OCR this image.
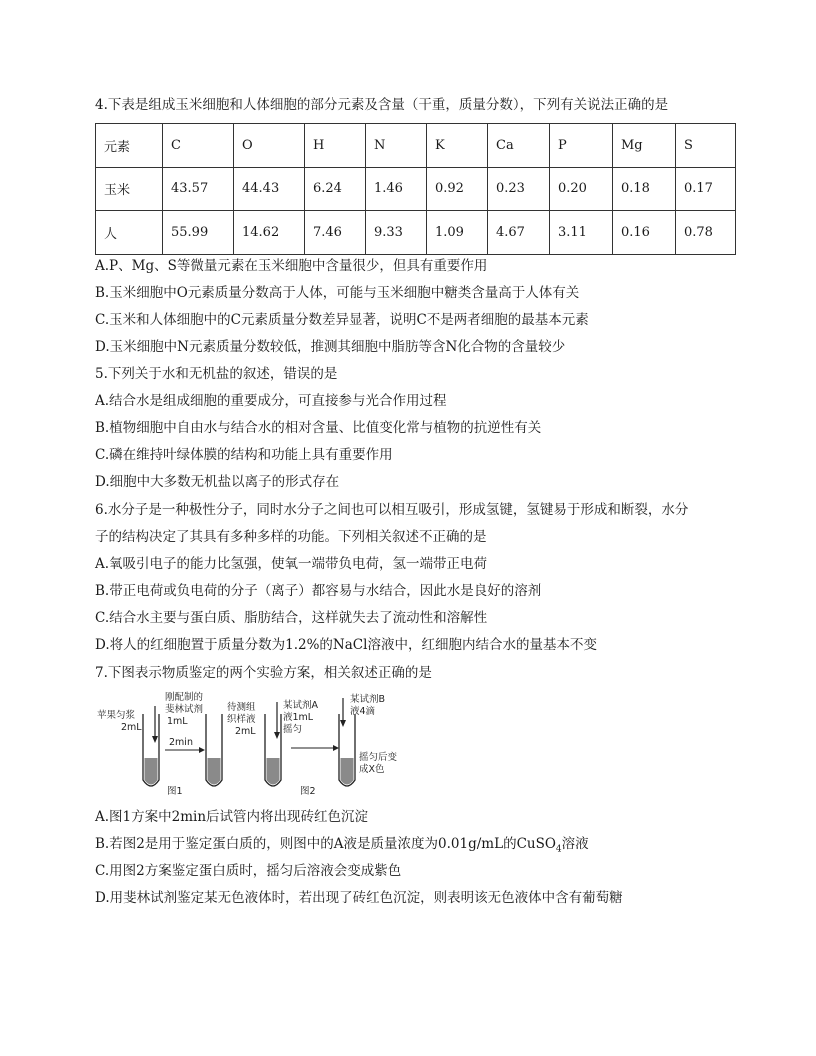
4.下表是组成玉米细胞和人体细胞的部分元素及含量（干重，质量分数），下列有关说法正确的是
元素	C	O	H	N	K	Ca	P	Mg	S
玉米	43.57	44.43	6.24	1.46	0.92	0.23	0.20	0.18	0.17
人	55.99	14.62	7.46	9.33	1.09	4.67	3.11	0.16	0.78
A.P、Mg、S等微量元素在玉米细胞中含量很少，但具有重要作用
B.玉米细胞中O元素质量分数高于人体，可能与玉米细胞中糖类含量高于人体有关
C.玉米和人体细胞中的C元素质量分数差异显著，说明C不是两者细胞的最基本元素
D.玉米细胞中N元素质量分数较低，推测其细胞中脂肪等含N化合物的含量较少
5.下列关于水和无机盐的叙述，错误的是
A.结合水是组成细胞的重要成分，可直接参与光合作用过程
B.植物细胞中自由水与结合水的相对含量、比值变化常与植物的抗逆性有关
C.磷在维持叶绿体膜的结构和功能上具有重要作用
D.细胞中大多数无机盐以离子的形式存在
6.水分子是一种极性分子，同时水分子之间也可以相互吸引，形成氢键，氢键易于形成和断裂，水分
子的结构决定了其具有多种多样的功能。下列相关叙述不正确的是
A.氧吸引电子的能力比氢强，使氧一端带负电荷，氢一端带正电荷
B.带正电荷或负电荷的分子（离子）都容易与水结合，因此水是良好的溶剂
C.结合水主要与蛋白质、脂肪结合，这样就失去了流动性和溶解性
D.将人的红细胞置于质量分数为1.2%的NaCl溶液中，红细胞内结合水的量基本不变
7.下图表示物质鉴定的两个实验方案，相关叙述正确的是
苹果匀浆
2mL
刚配制的
斐林试剂
1mL
2min
图1
待测组
织样液
2mL
某试剂A
液1mL
摇匀
某试剂B
液4滴
摇匀后变
成X色
图2
A.图1方案中2min后试管内将出现砖红色沉淀
B.若图2是用于鉴定蛋白质的，则图中的A液是质量浓度为0.01g/mL的CuSO$_4$溶液
C.用图2方案鉴定蛋白质时，摇匀后溶液会变成紫色
D.用斐林试剂鉴定某无色液体时，若出现了砖红色沉淀，则表明该无色液体中含有葡萄糖
